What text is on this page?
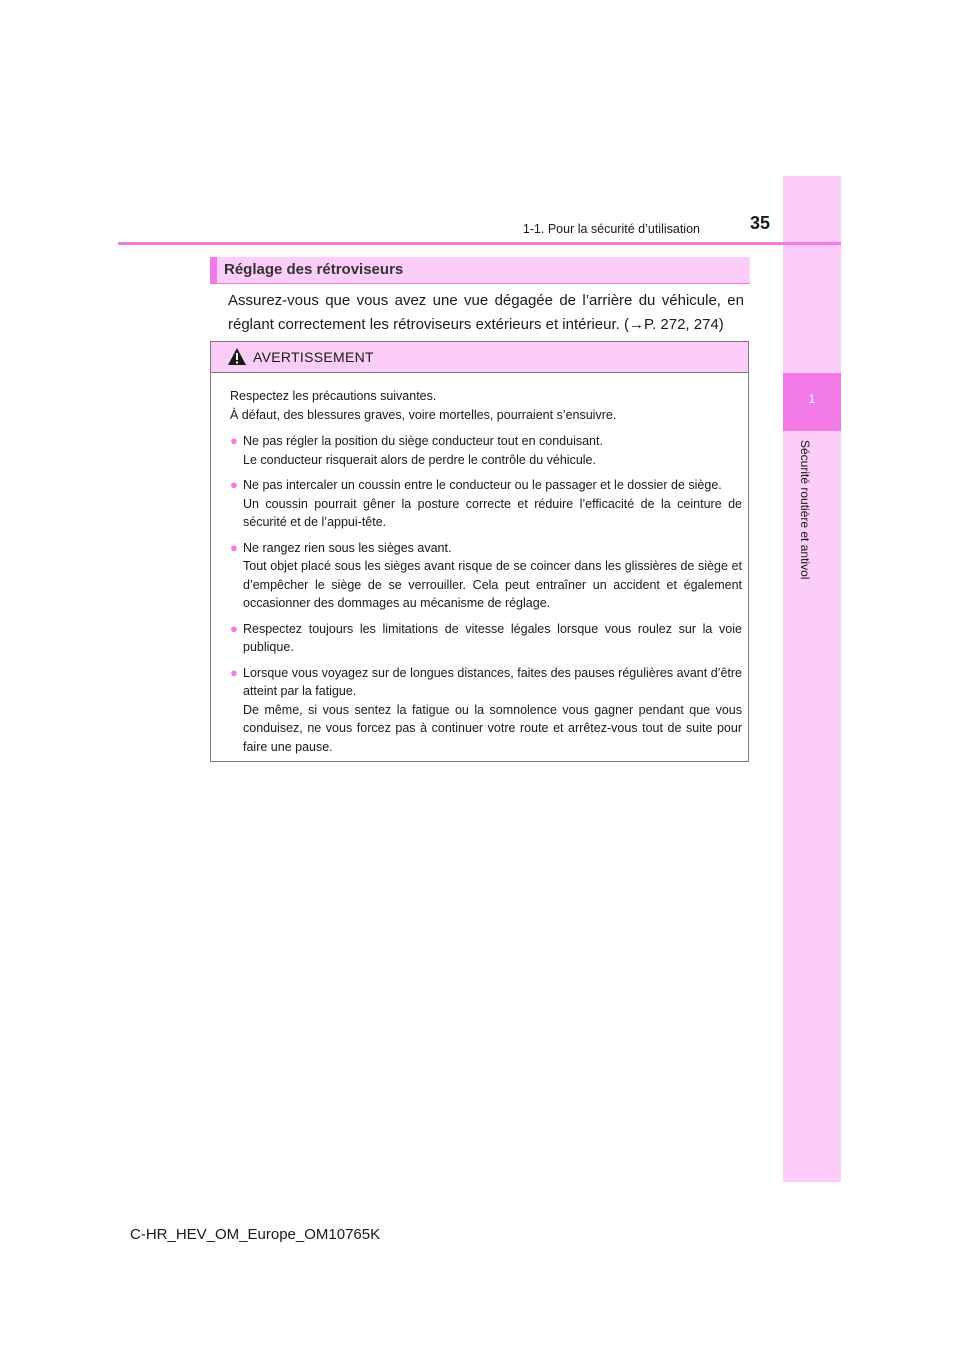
1
Sécurité routière et antivol
1-1. Pour la sécurité d’utilisation	35
Réglage des rétroviseurs
Assurez-vous que vous avez une vue dégagée de l’arrière du véhicule, en réglant correctement les rétroviseurs extérieurs et intérieur. (→P. 272, 274)
AVERTISSEMENT

Respectez les précautions suivantes.

À défaut, des blessures graves, voire mortelles, pourraient s’ensuivre.

● Ne pas régler la position du siège conducteur tout en conduisant.

Le conducteur risquerait alors de perdre le contrôle du véhicule.

● Ne pas intercaler un coussin entre le conducteur ou le passager et le dossier de siège.

Un coussin pourrait gêner la posture correcte et réduire l’efficacité de la ceinture de sécurité et de l’appui-tête.

● Ne rangez rien sous les sièges avant.

Tout objet placé sous les sièges avant risque de se coincer dans les glissières de siège et d’empêcher le siège de se verrouiller. Cela peut entraîner un accident et également occasionner des dommages au mécanisme de réglage.

● Respectez toujours les limitations de vitesse légales lorsque vous roulez sur la voie publique.

● Lorsque vous voyagez sur de longues distances, faites des pauses régulières avant d’être atteint par la fatigue.

De même, si vous sentez la fatigue ou la somnolence vous gagner pendant que vous conduisez, ne vous forcez pas à continuer votre route et arrêtez-vous tout de suite pour faire une pause.

C-HR_HEV_OM_Europe_OM10765K
